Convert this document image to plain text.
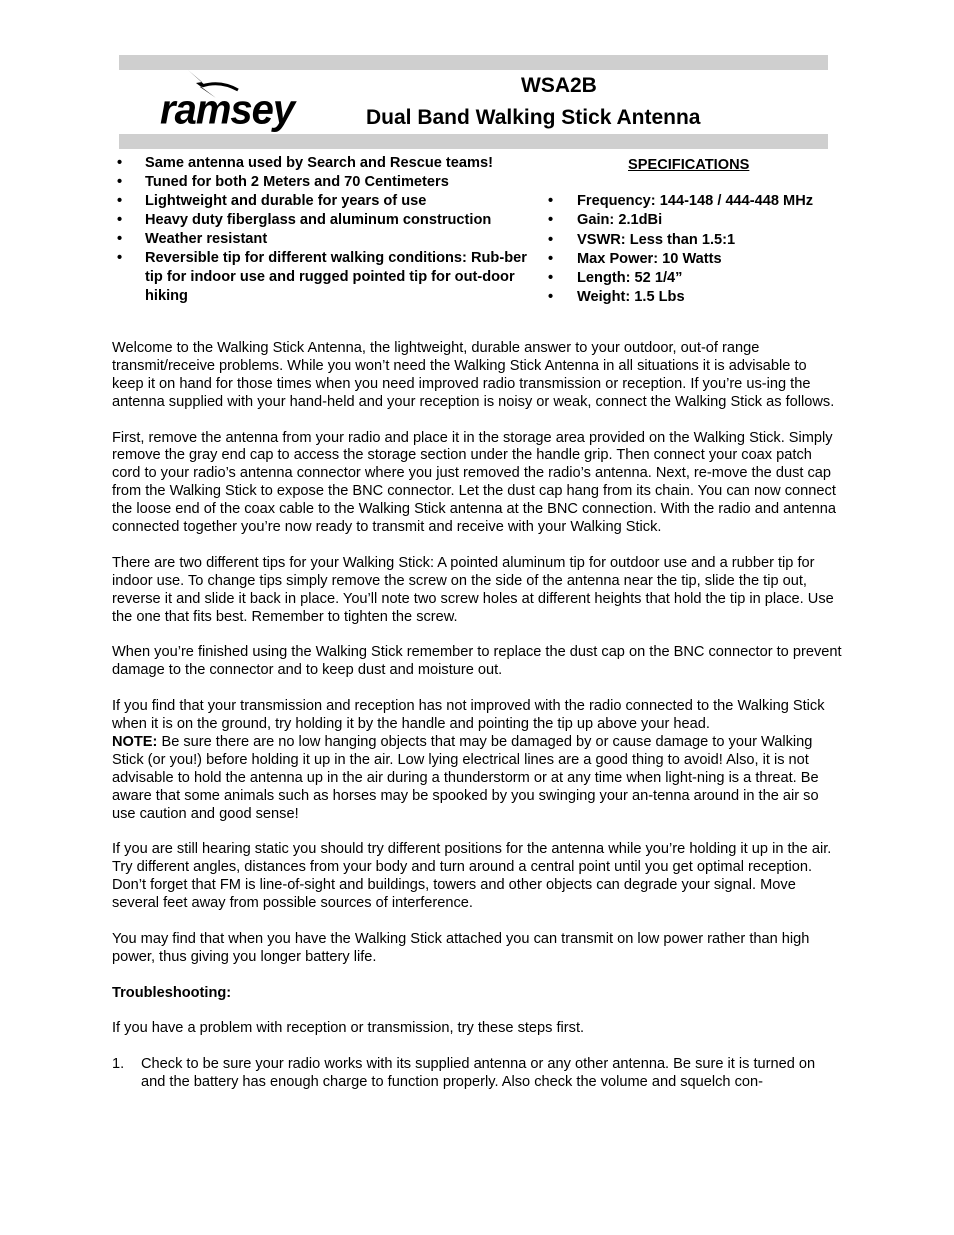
ramsey
WSA2B
Dual Band Walking Stick Antenna
• Same antenna used by Search and Rescue teams!
• Tuned for both 2 Meters and 70 Centimeters
• Lightweight and durable for years of use
• Heavy duty fiberglass and aluminum construction
• Weather resistant
• Reversible tip for different walking conditions: Rub-ber tip for indoor use and rugged pointed tip for out-door hiking
SPECIFICATIONS
• Frequency: 144-148 / 444-448 MHz
• Gain: 2.1dBi
• VSWR: Less than 1.5:1
• Max Power: 10 Watts
• Length: 52 1/4”
• Weight: 1.5 Lbs

Welcome to the Walking Stick Antenna, the lightweight, durable answer to your outdoor, out-of range transmit/receive problems. While you won’t need the Walking Stick Antenna in all situations it is advisable to keep it on hand for those times when you need improved radio transmission or reception. If you’re us-ing the antenna supplied with your hand-held and your reception is noisy or weak, connect the Walking Stick as follows.

First, remove the antenna from your radio and place it in the storage area provided on the Walking Stick. Simply remove the gray end cap to access the storage section under the handle grip. Then connect your coax patch cord to your radio’s antenna connector where you just removed the radio’s antenna. Next, re-move the dust cap from the Walking Stick to expose the BNC connector. Let the dust cap hang from its chain. You can now connect the loose end of the coax cable to the Walking Stick antenna at the BNC connection. With the radio and antenna connected together you’re now ready to transmit and receive with your Walking Stick.

There are two different tips for your Walking Stick: A pointed aluminum tip for outdoor use and a rubber tip for indoor use. To change tips simply remove the screw on the side of the antenna near the tip, slide the tip out, reverse it and slide it back in place. You’ll note two screw holes at different heights that hold the tip in place. Use the one that fits best. Remember to tighten the screw.

When you’re finished using the Walking Stick remember to replace the dust cap on the BNC connector to prevent damage to the connector and to keep dust and moisture out.

If you find that your transmission and reception has not improved with the radio connected to the Walking Stick when it is on the ground, try holding it by the handle and pointing the tip up above your head.
NOTE: Be sure there are no low hanging objects that may be damaged by or cause damage to your Walking Stick (or you!) before holding it up in the air. Low lying electrical lines are a good thing to avoid! Also, it is not advisable to hold the antenna up in the air during a thunderstorm or at any time when light-ning is a threat. Be aware that some animals such as horses may be spooked by you swinging your an-tenna around in the air so use caution and good sense!

If you are still hearing static you should try different positions for the antenna while you’re holding it up in the air. Try different angles, distances from your body and turn around a central point until you get optimal reception. Don’t forget that FM is line-of-sight and buildings, towers and other objects can degrade your signal. Move several feet away from possible sources of interference.

You may find that when you have the Walking Stick attached you can transmit on low power rather than high power, thus giving you longer battery life.

Troubleshooting:

If you have a problem with reception or transmission, try these steps first.

1. Check to be sure your radio works with its supplied antenna or any other antenna. Be sure it is turned on and the battery has enough charge to function properly. Also check the volume and squelch con-
